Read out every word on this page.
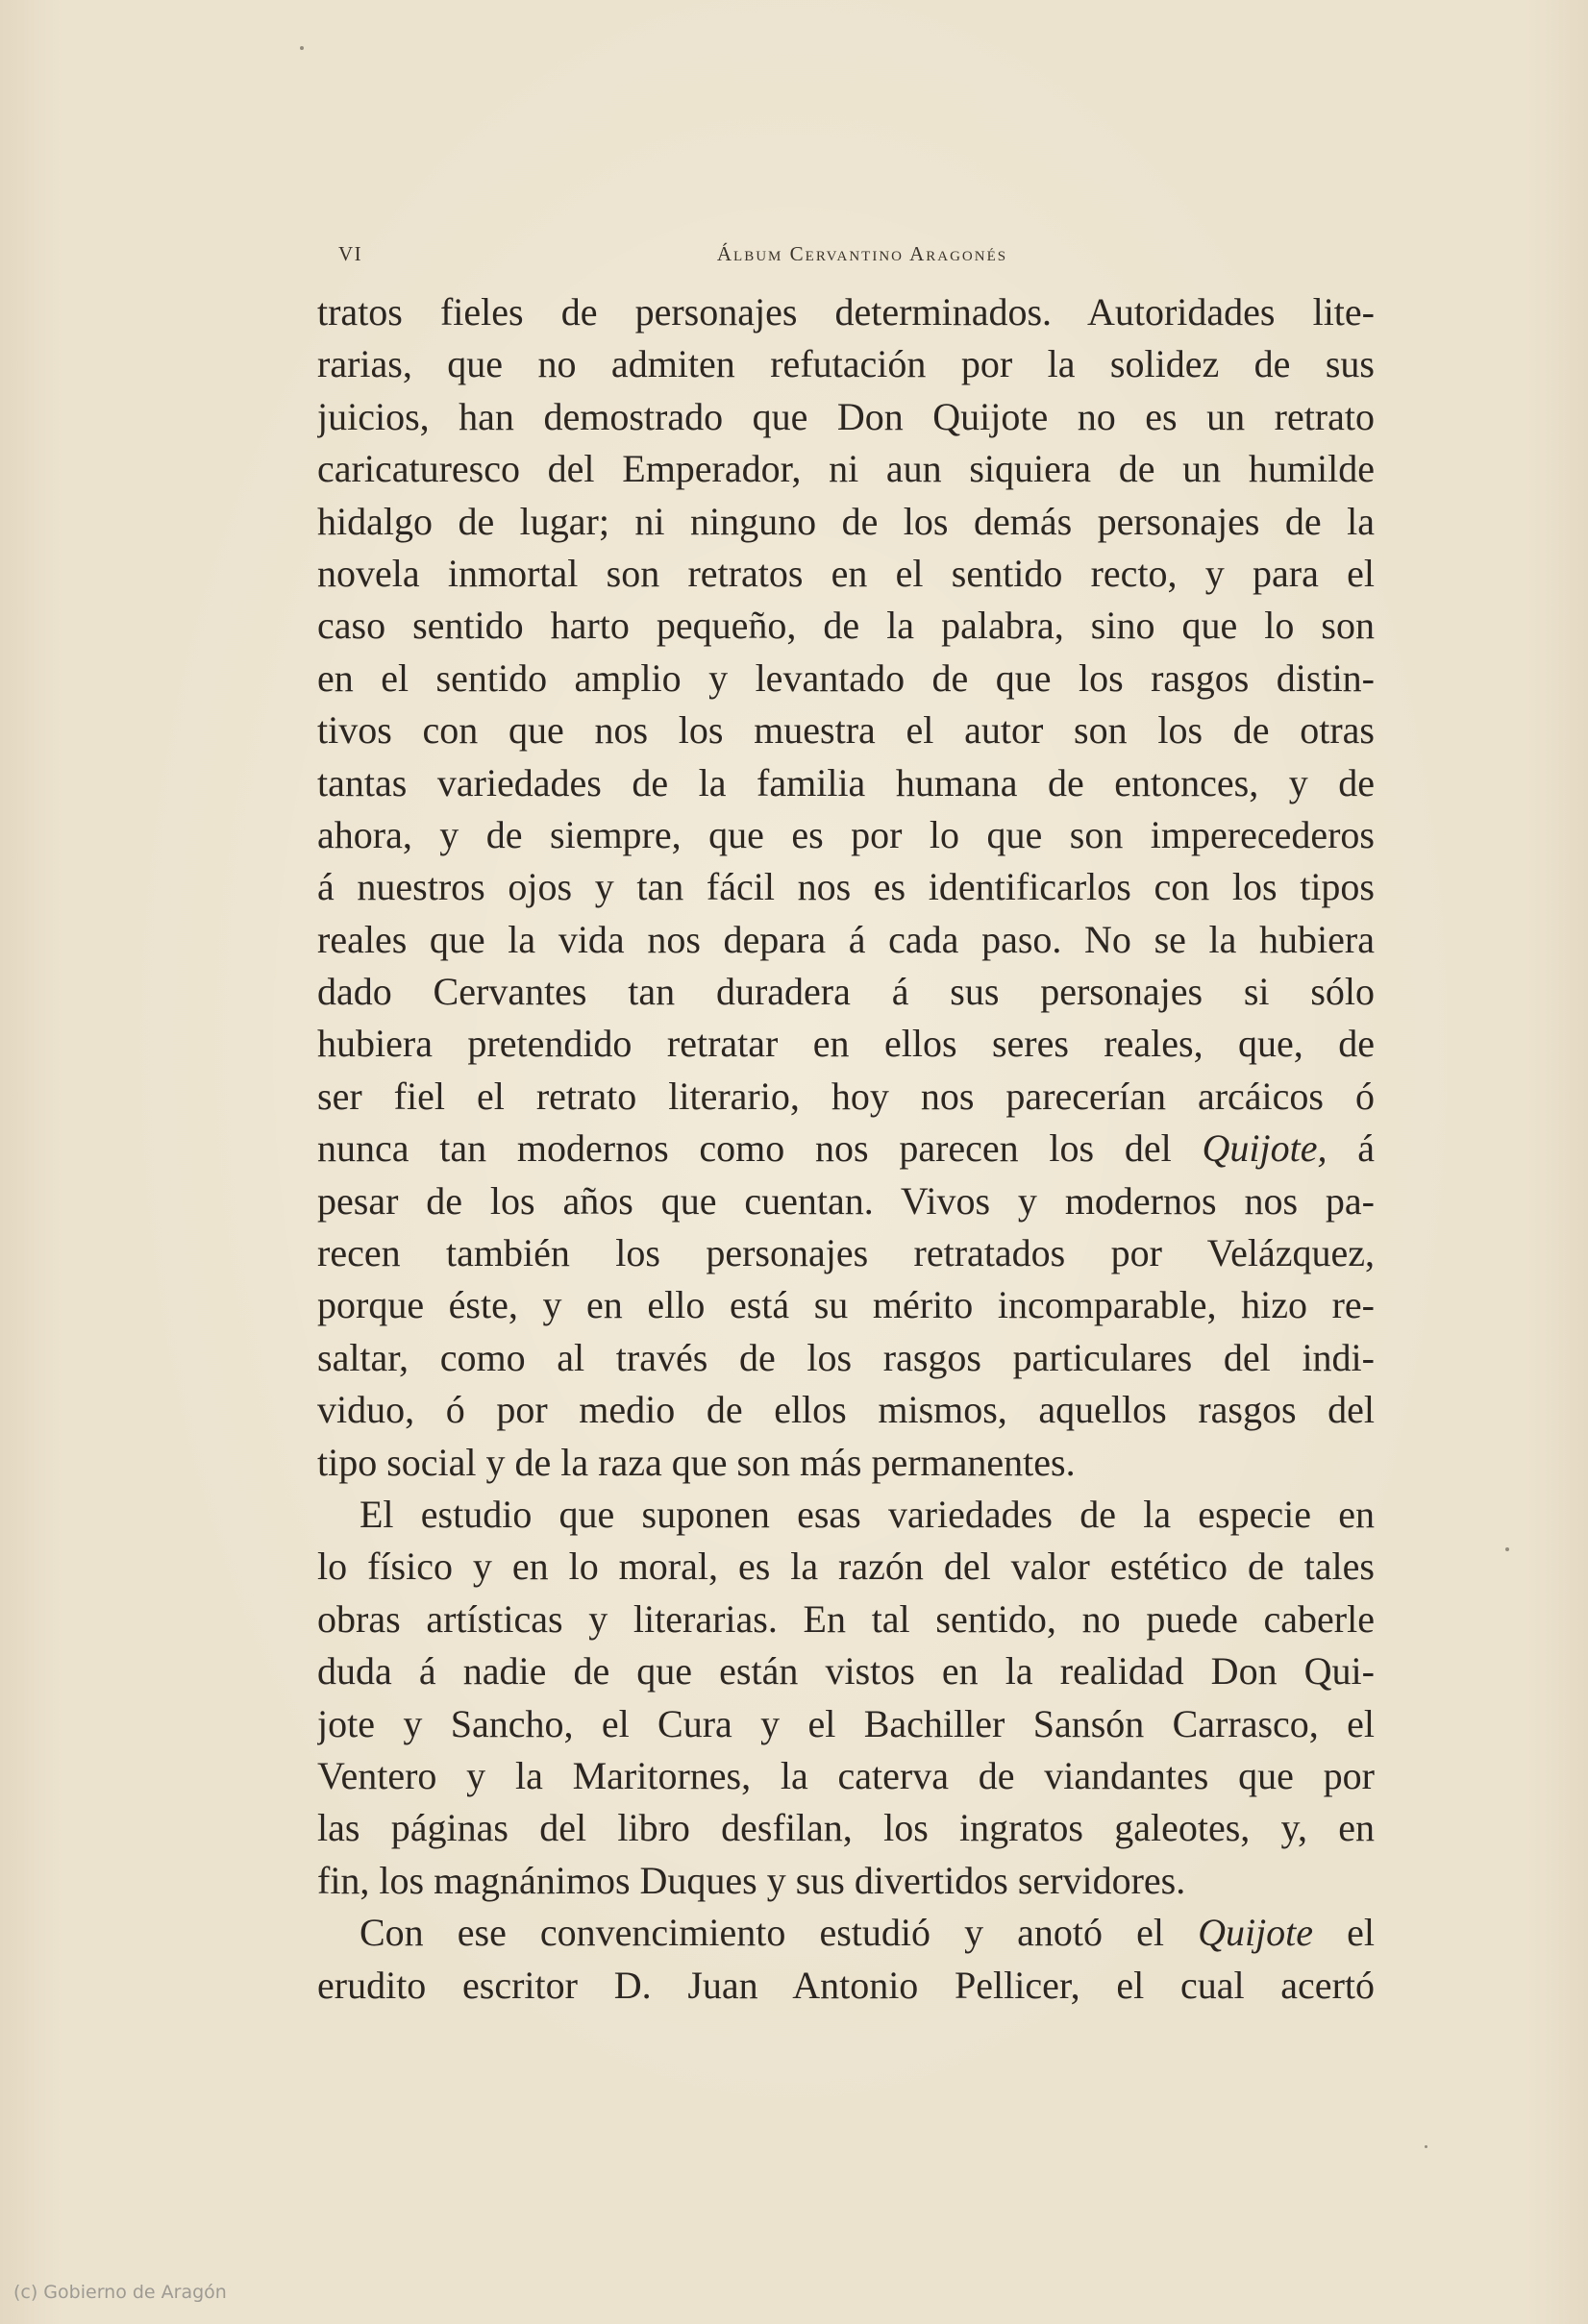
VI	Álbum Cervantino Aragonés
tratos fieles de personajes determinados. Autoridades lite-
rarias, que no admiten refutación por la solidez de sus
juicios, han demostrado que Don Quijote no es un retrato
caricaturesco del Emperador, ni aun siquiera de un humilde
hidalgo de lugar; ni ninguno de los demás personajes de la
novela inmortal son retratos en el sentido recto, y para el
caso sentido harto pequeño, de la palabra, sino que lo son
en el sentido amplio y levantado de que los rasgos distin-
tivos con que nos los muestra el autor son los de otras
tantas variedades de la familia humana de entonces, y de
ahora, y de siempre, que es por lo que son imperecederos
á nuestros ojos y tan fácil nos es identificarlos con los tipos
reales que la vida nos depara á cada paso. No se la hubiera
dado Cervantes tan duradera á sus personajes si sólo
hubiera pretendido retratar en ellos seres reales, que, de
ser fiel el retrato literario, hoy nos parecerían arcáicos ó
nunca tan modernos como nos parecen los del Quijote, á
pesar de los años que cuentan. Vivos y modernos nos pa-
recen también los personajes retratados por Velázquez,
porque éste, y en ello está su mérito incomparable, hizo re-
saltar, como al través de los rasgos particulares del indi-
viduo, ó por medio de ellos mismos, aquellos rasgos del
tipo social y de la raza que son más permanentes.
El estudio que suponen esas variedades de la especie en
lo físico y en lo moral, es la razón del valor estético de tales
obras artísticas y literarias. En tal sentido, no puede caberle
duda á nadie de que están vistos en la realidad Don Qui-
jote y Sancho, el Cura y el Bachiller Sansón Carrasco, el
Ventero y la Maritornes, la caterva de viandantes que por
las páginas del libro desfilan, los ingratos galeotes, y, en
fin, los magnánimos Duques y sus divertidos servidores.
Con ese convencimiento estudió y anotó el Quijote el
erudito escritor D. Juan Antonio Pellicer, el cual acertó
(c) Gobierno de Aragón
